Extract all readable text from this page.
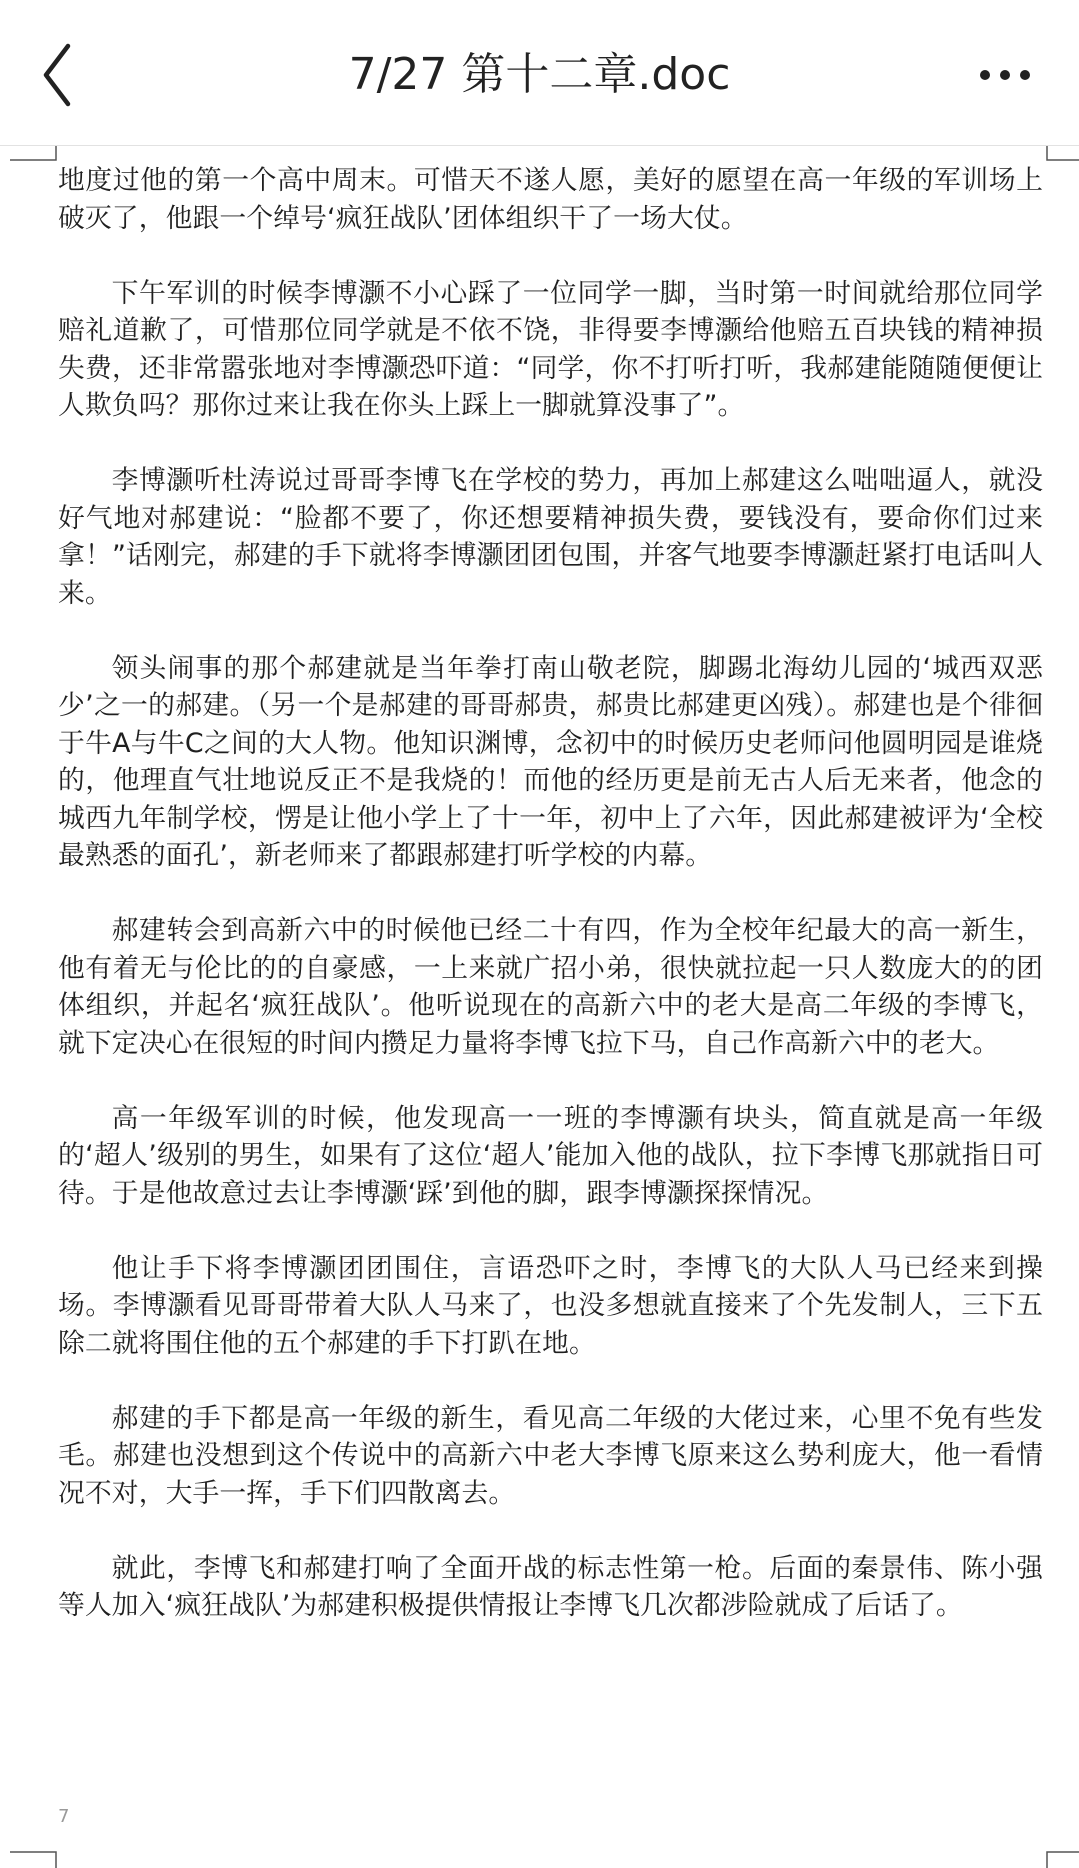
7/27 第十二章.doc

地度过他的第一个高中周末。可惜天不遂人愿，美好的愿望在高一年级的军训场上破灭了，他跟一个绰号‘疯狂战队’团体组织干了一场大仗。

下午军训的时候李博灏不小心踩了一位同学一脚，当时第一时间就给那位同学赔礼道歉了，可惜那位同学就是不依不饶，非得要李博灏给他赔五百块钱的精神损失费，还非常嚣张地对李博灏恐吓道：“同学，你不打听打听，我郝建能随随便便让人欺负吗？那你过来让我在你头上踩上一脚就算没事了”。

李博灏听杜涛说过哥哥李博飞在学校的势力，再加上郝建这么咄咄逼人，就没好气地对郝建说：“脸都不要了，你还想要精神损失费，要钱没有，要命你们过来拿！”话刚完，郝建的手下就将李博灏团团包围，并客气地要李博灏赶紧打电话叫人来。

领头闹事的那个郝建就是当年拳打南山敬老院，脚踢北海幼儿园的‘城西双恶少’之一的郝建。（另一个是郝建的哥哥郝贵，郝贵比郝建更凶残）。郝建也是个徘徊于牛A与牛C之间的大人物。他知识渊博，念初中的时候历史老师问他圆明园是谁烧的，他理直气壮地说反正不是我烧的！而他的经历更是前无古人后无来者，他念的城西九年制学校，愣是让他小学上了十一年，初中上了六年，因此郝建被评为‘全校最熟悉的面孔’，新老师来了都跟郝建打听学校的内幕。

郝建转会到高新六中的时候他已经二十有四，作为全校年纪最大的高一新生，他有着无与伦比的的自豪感，一上来就广招小弟，很快就拉起一只人数庞大的的团体组织，并起名‘疯狂战队’。他听说现在的高新六中的老大是高二年级的李博飞，就下定决心在很短的时间内攒足力量将李博飞拉下马，自己作高新六中的老大。

高一年级军训的时候，他发现高一一班的李博灏有块头，简直就是高一年级的‘超人’级别的男生，如果有了这位‘超人’能加入他的战队，拉下李博飞那就指日可待。于是他故意过去让李博灏‘踩’到他的脚，跟李博灏探探情况。

他让手下将李博灏团团围住，言语恐吓之时，李博飞的大队人马已经来到操场。李博灏看见哥哥带着大队人马来了，也没多想就直接来了个先发制人，三下五除二就将围住他的五个郝建的手下打趴在地。

郝建的手下都是高一年级的新生，看见高二年级的大佬过来，心里不免有些发毛。郝建也没想到这个传说中的高新六中老大李博飞原来这么势利庞大，他一看情况不对，大手一挥，手下们四散离去。

就此，李博飞和郝建打响了全面开战的标志性第一枪。后面的秦景伟、陈小强等人加入‘疯狂战队’为郝建积极提供情报让李博飞几次都涉险就成了后话了。

7
